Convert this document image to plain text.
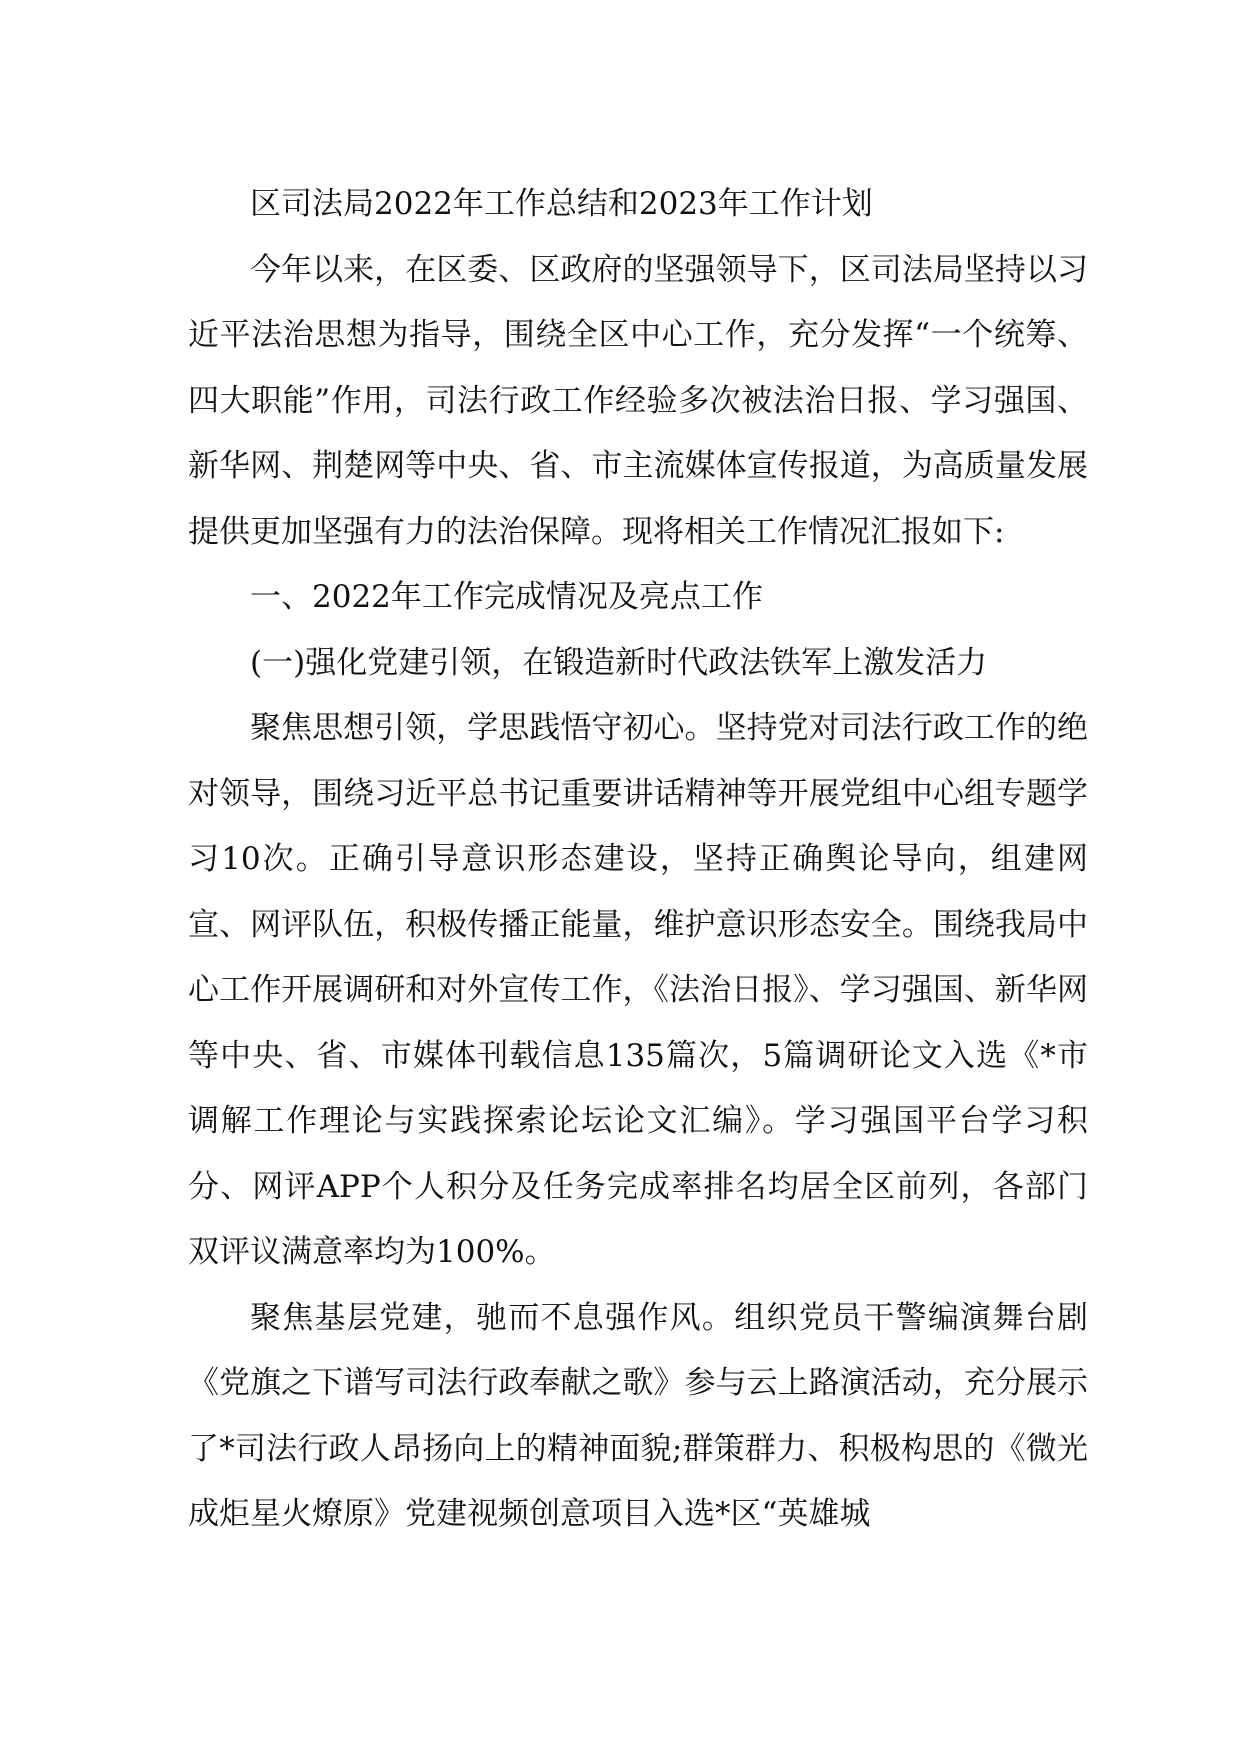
区司法局2022年工作总结和2023年工作计划

今年以来，在区委、区政府的坚强领导下，区司法局坚持以习近平法治思想为指导，围绕全区中心工作，充分发挥“一个统筹、四大职能”作用，司法行政工作经验多次被法治日报、学习强国、新华网、荆楚网等中央、省、市主流媒体宣传报道，为高质量发展提供更加坚强有力的法治保障。现将相关工作情况汇报如下:

一、2022年工作完成情况及亮点工作

(一)强化党建引领，在锻造新时代政法铁军上激发活力

聚焦思想引领，学思践悟守初心。坚持党对司法行政工作的绝对领导，围绕习近平总书记重要讲话精神等开展党组中心组专题学习10次。正确引导意识形态建设，坚持正确舆论导向，组建网宣、网评队伍，积极传播正能量，维护意识形态安全。围绕我局中心工作开展调研和对外宣传工作，《法治日报》、学习强国、新华网等中央、省、市媒体刊载信息135篇次，5篇调研论文入选《*市调解工作理论与实践探索论坛论文汇编》。学习强国平台学习积分、网评APP个人积分及任务完成率排名均居全区前列，各部门双评议满意率均为100%。

聚焦基层党建，驰而不息强作风。组织党员干警编演舞台剧《党旗之下谱写司法行政奉献之歌》参与云上路演活动，充分展示了*司法行政人昂扬向上的精神面貌;群策群力、积极构思的《微光成炬星火燎原》党建视频创意项目入选*区“英雄城
